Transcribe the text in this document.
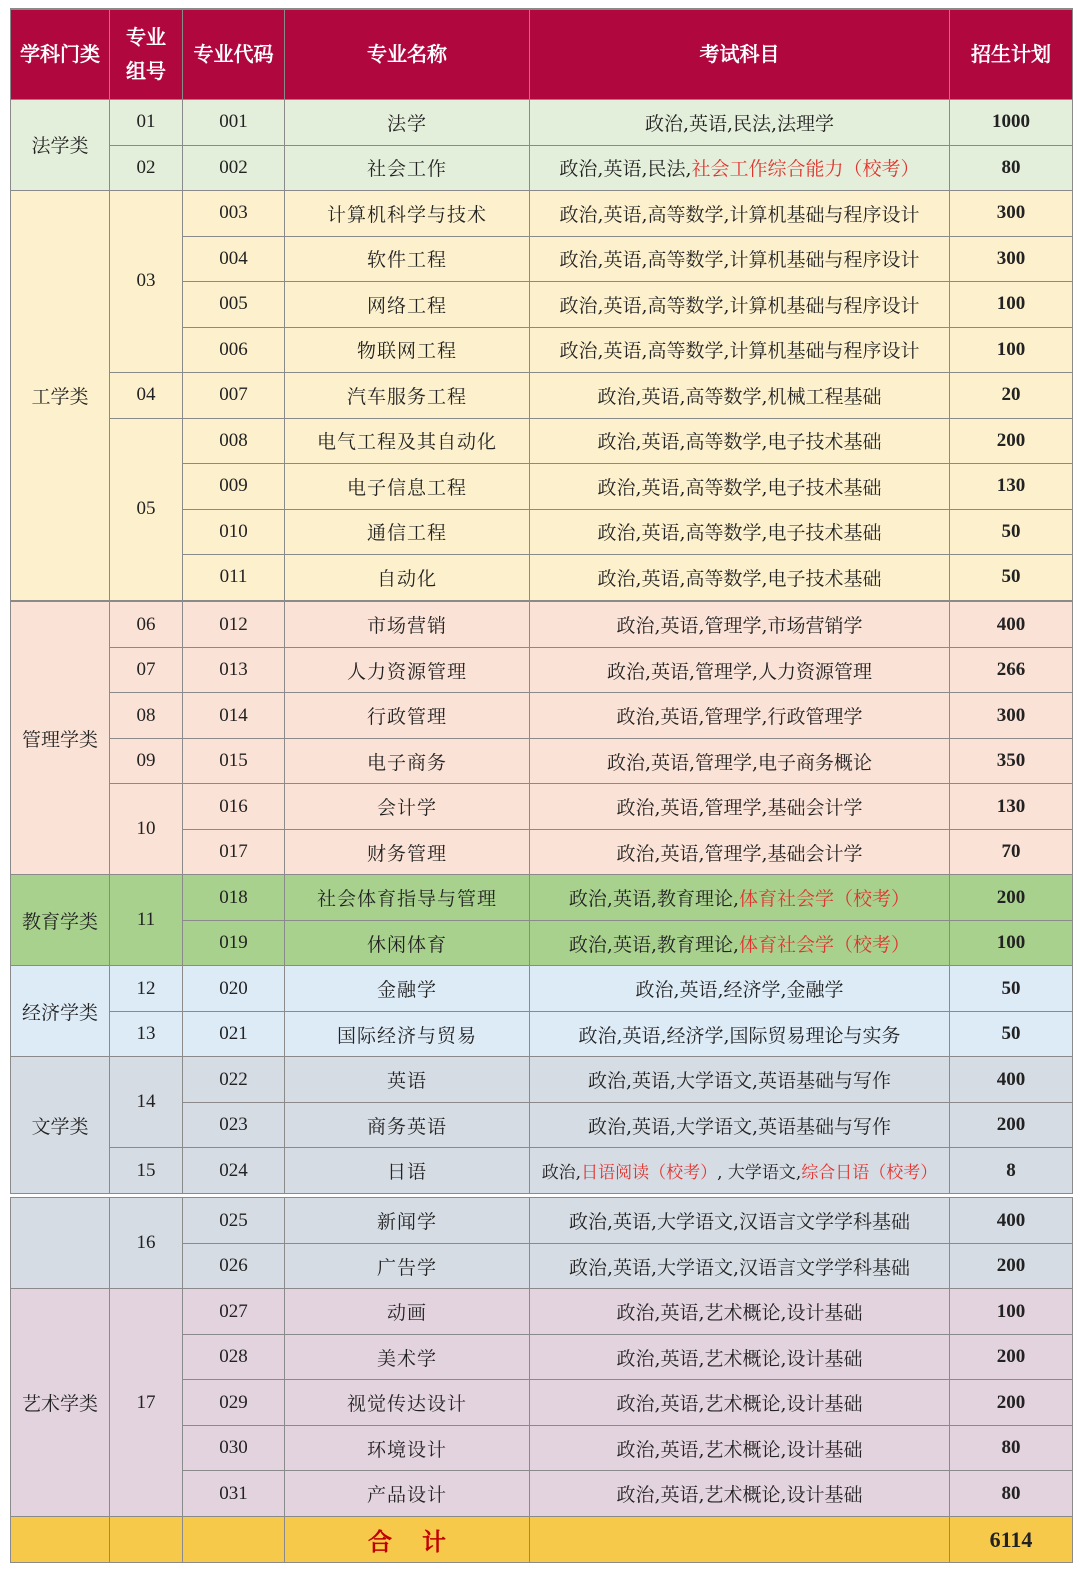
学科门类	专业组号	专业代码	专业名称	考试科目	招生计划
法学类	01	001	法学	政治,英语,民法,法理学	1000
	02	002	社会工作	政治,英语,民法,社会工作综合能力（校考）	80
工学类	03	003	计算机科学与技术	政治,英语,高等数学,计算机基础与程序设计	300
		004	软件工程	政治,英语,高等数学,计算机基础与程序设计	300
		005	网络工程	政治,英语,高等数学,计算机基础与程序设计	100
		006	物联网工程	政治,英语,高等数学,计算机基础与程序设计	100
	04	007	汽车服务工程	政治,英语,高等数学,机械工程基础	20
	05	008	电气工程及其自动化	政治,英语,高等数学,电子技术基础	200
		009	电子信息工程	政治,英语,高等数学,电子技术基础	130
		010	通信工程	政治,英语,高等数学,电子技术基础	50
		011	自动化	政治,英语,高等数学,电子技术基础	50
管理学类	06	012	市场营销	政治,英语,管理学,市场营销学	400
	07	013	人力资源管理	政治,英语,管理学,人力资源管理	266
	08	014	行政管理	政治,英语,管理学,行政管理学	300
	09	015	电子商务	政治,英语,管理学,电子商务概论	350
	10	016	会计学	政治,英语,管理学,基础会计学	130
		017	财务管理	政治,英语,管理学,基础会计学	70
教育学类	11	018	社会体育指导与管理	政治,英语,教育理论,体育社会学（校考）	200
		019	休闲体育	政治,英语,教育理论,体育社会学（校考）	100
经济学类	12	020	金融学	政治,英语,经济学,金融学	50
	13	021	国际经济与贸易	政治,英语,经济学,国际贸易理论与实务	50
文学类	14	022	英语	政治,英语,大学语文,英语基础与写作	400
		023	商务英语	政治,英语,大学语文,英语基础与写作	200
	15	024	日语	政治,日语阅读（校考）, 大学语文,综合日语（校考）	8
	16	025	新闻学	政治,英语,大学语文,汉语言文学学科基础	400
		026	广告学	政治,英语,大学语文,汉语言文学学科基础	200
艺术学类	17	027	动画	政治,英语,艺术概论,设计基础	100
		028	美术学	政治,英语,艺术概论,设计基础	200
		029	视觉传达设计	政治,英语,艺术概论,设计基础	200
		030	环境设计	政治,英语,艺术概论,设计基础	80
		031	产品设计	政治,英语,艺术概论,设计基础	80
			合计		6114
